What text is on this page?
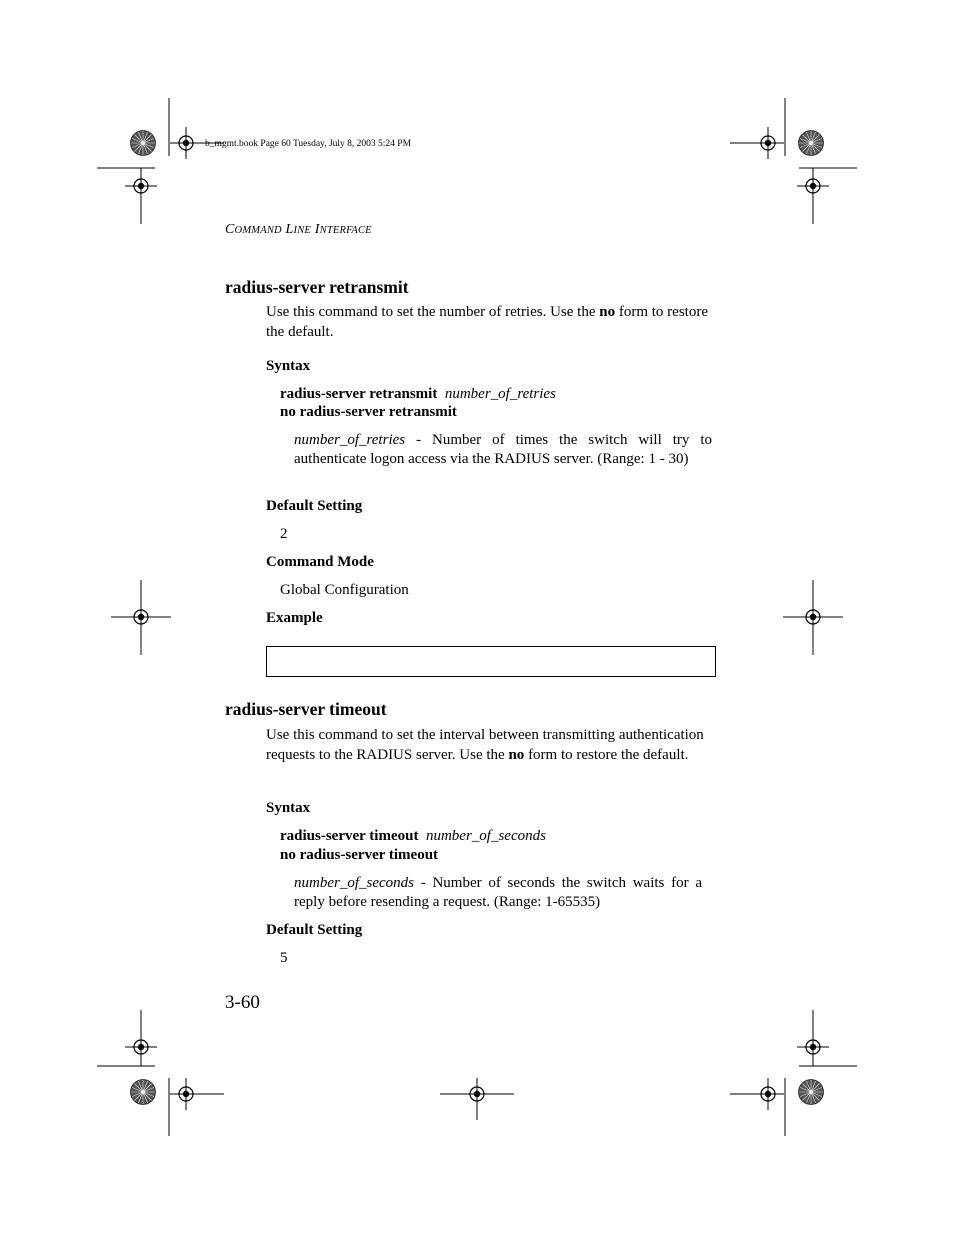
b_mgmt.book Page 60 Tuesday, July 8, 2003 5:24 PM
COMMAND LINE INTERFACE
radius-server retransmit

Use this command to set the number of retries. Use the no form to restore the default.

Syntax
radius-server retransmit number_of_retries
no radius-server retransmit

number_of_retries - Number of times the switch will try to authenticate logon access via the RADIUS server. (Range: 1 - 30)

Default Setting
2
Command Mode
Global Configuration
Example
radius-server timeout

Use this command to set the interval between transmitting authentication requests to the RADIUS server. Use the no form to restore the default.

Syntax
radius-server timeout number_of_seconds
no radius-server timeout

number_of_seconds - Number of seconds the switch waits for a reply before resending a request. (Range: 1-65535)

Default Setting
5
3-60
